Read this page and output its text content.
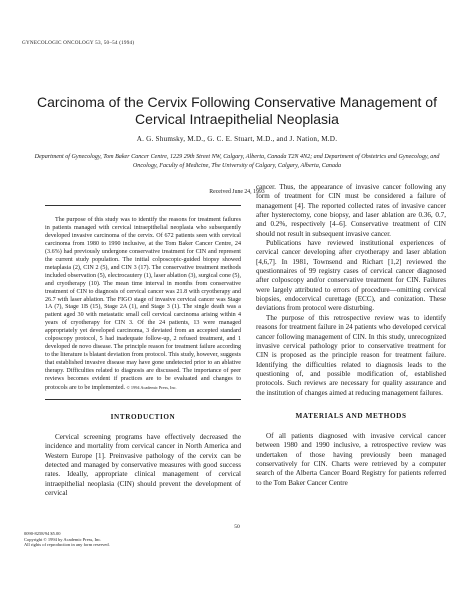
GYNECOLOGIC ONCOLOGY 53, 50–54 (1994)
Carcinoma of the Cervix Following Conservative Management of Cervical Intraepithelial Neoplasia
A. G. Shumsky, M.D., G. C. E. Stuart, M.D., and J. Nation, M.D.
Department of Gynecology, Tom Baker Cancer Centre, 1229 29th Street NW, Calgary, Alberta, Canada T2N 4N2; and Department of Obstetrics and Gynecology, and Oncology, Faculty of Medicine, The University of Calgary, Calgary, Alberta, Canada
Received June 24, 1993

The purpose of this study was to identify the reasons for treatment failures in patients managed with cervical intraepithelial neoplasia who subsequently developed invasive carcinoma of the cervix. Of 672 patients seen with cervical carcinoma from 1980 to 1990 inclusive, at the Tom Baker Cancer Centre, 24 (3.6%) had previously undergone conservative treatment for CIN and represent the current study population. The initial colposcopic-guided biopsy showed metaplasia (2), CIN 2 (5), and CIN 3 (17). The conservative treatment methods included observation (5), electrocautery (1), laser ablation (3), surgical cone (5), and cryotherapy (10). The mean time interval in months from conservative treatment of CIN to diagnosis of cervical cancer was 21.8 with cryotherapy and 26.7 with laser ablation. The FIGO stage of invasive cervical cancer was Stage 1A (7), Stage 1B (15), Stage 2A (1), and Stage 3 (1). The single death was a patient aged 30 with metastatic small cell cervical carcinoma arising within 4 years of cryotherapy for CIN 3. Of the 24 patients, 13 were managed appropriately yet developed carcinoma, 3 deviated from an accepted standard colposcopy protocol, 5 had inadequate follow-up, 2 refused treatment, and 1 developed de novo disease. The principle reason for treatment failure according to the literature is blatant deviation from protocol. This study, however, suggests that established invasive disease may have gone undetected prior to an ablative therapy. Difficulties related to diagnosis are discussed. The importance of peer reviews becomes evident if practices are to be evaluated and changes to protocols are to be implemented. © 1994 Academic Press, Inc.

INTRODUCTION

Cervical screening programs have effectively decreased the incidence and mortality from cervical cancer in North America and Western Europe [1]. Preinvasive pathology of the cervix can be detected and managed by conservative measures with good success rates. Ideally, appropriate clinical management of cervical intraepithelial neoplasia (CIN) should prevent the development of cervical

cancer. Thus, the appearance of invasive cancer following any form of treatment for CIN must be considered a failure of management [4]. The reported collected rates of invasive cancer after hysterectomy, cone biopsy, and laser ablation are 0.36, 0.7, and 0.2%, respectively [4–6]. Conservative treatment of CIN should not result in subsequent invasive cancer.

Publications have reviewed institutional experiences of cervical cancer developing after cryotherapy and laser ablation [4,6,7]. In 1981, Townsend and Richart [1,2] reviewed the questionnaires of 99 registry cases of cervical cancer diagnosed after colposcopy and/or conservative treatment for CIN. Failures were largely attributed to errors of procedure—omitting cervical biopsies, endocervical curettage (ECC), and conization. These deviations from protocol were disturbing.

The purpose of this retrospective review was to identify reasons for treatment failure in 24 patients who developed cervical cancer following management of CIN. In this study, unrecognized invasive cervical pathology prior to conservative treatment for CIN is proposed as the principle reason for treatment failure. Identifying the difficulties related to diagnosis leads to the questioning of, and possible modification of, established protocols. Such reviews are necessary for quality assurance and the institution of changes aimed at reducing management failures.

MATERIALS AND METHODS

Of all patients diagnosed with invasive cervical cancer between 1980 and 1990 inclusive, a retrospective review was undertaken of those having previously been managed conservatively for CIN. Charts were retrieved by a computer search of the Alberta Cancer Board Registry for patients referred to the Tom Baker Cancer Centre

50
0090-8258/94 $5.00
Copyright © 1994 by Academic Press, Inc.
All rights of reproduction in any form reserved.
